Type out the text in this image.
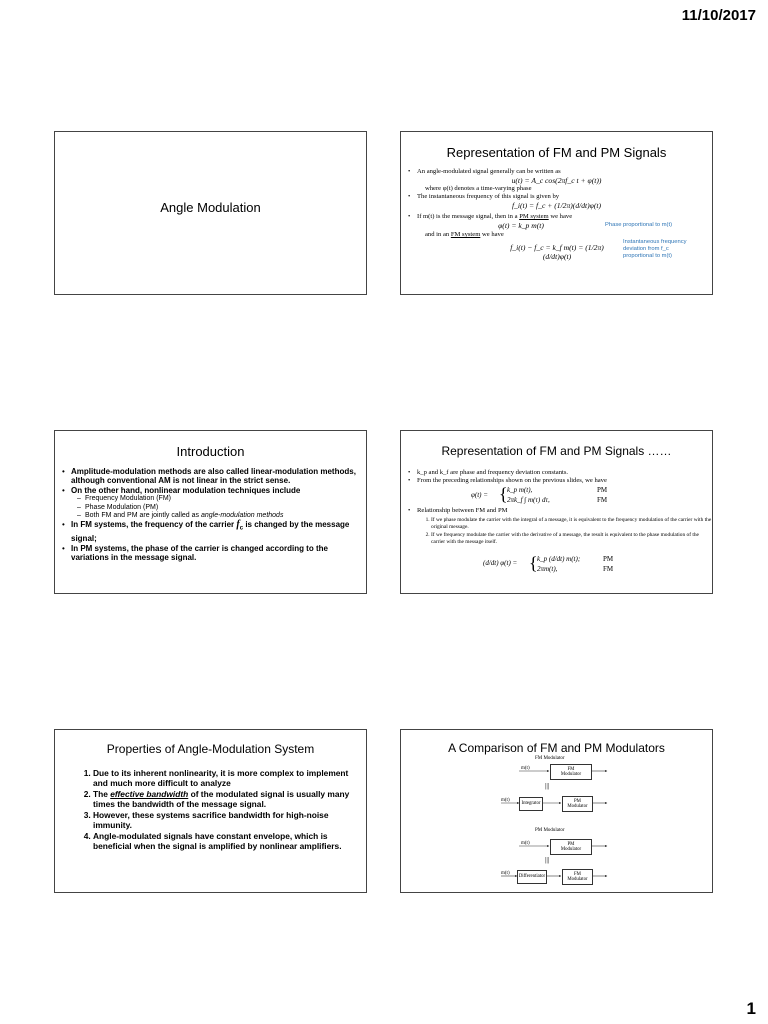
11/10/2017
Angle Modulation
Representation of FM and PM Signals
• An angle-modulated signal generally can be written as
u(t) = A_c cos(2πf_c t + φ(t))
where φ(t) denotes a time-varying phase
• The instantaneous frequency of this signal is given by
f_i(t) = f_c + (1/2π)(d/dt)φ(t)
• If m(t) is the message signal, then in a PM system we have
φ(t) = k_p m(t)	Phase proportional to m(t)
and in an FM system we have
f_i(t) − f_c = k_f m(t) = (1/2π)(d/dt)φ(t)
Instantaneous frequency
deviation from f_c
proportional to m(t)
Introduction
• Amplitude-modulation methods are also called linear-modulation methods, although conventional AM is not linear in the strict sense.
• On the other hand, nonlinear modulation techniques include
– Frequency Modulation (FM)
– Phase Modulation (PM)
– Both FM and PM are jointly called as angle-modulation methods
• In FM systems, the frequency of the carrier $f_c$ is changed by the message signal;
• In PM systems, the phase of the carrier is changed according to the variations in the message signal.
Representation of FM and PM Signals ……
• k_p and k_f are phase and frequency deviation constants.
• From the preceding relationships shown on the previous slides, we have
φ(t) = { k_p m(t),	PM
2πk_f ∫ m(τ) dτ,	FM
• Relationship between FM and PM
1. If we phase modulate the carrier with the integral of a message, it is equivalent to the frequency modulation of the carrier with the original message.
2. If we frequency modulate the carrier with the derivative of a message, the result is equivalent to the phase modulation of the carrier with the message itself.
(d/dt) φ(t) = { k_p (d/dt) m(t);	PM
2πm(t),	FM
Properties of Angle-Modulation System
1. Due to its inherent nonlinearity, it is more complex to implement and much more difficult to analyze
2. The effective bandwidth of the modulated signal is usually many times the bandwidth of the message signal.
3. However, these systems sacrifice bandwidth for high-noise immunity.
4. Angle-modulated signals have constant envelope, which is beneficial when the signal is amplified by nonlinear amplifiers.
A Comparison of FM and PM Modulators
FM Modulator
m(t)	FM
Modulator
|||
m(t)
Integrator
PM
Modulator
PM Modulator
m(t)	PM
Modulator
|||
m(t)
Differentiator
FM
Modulator
1
